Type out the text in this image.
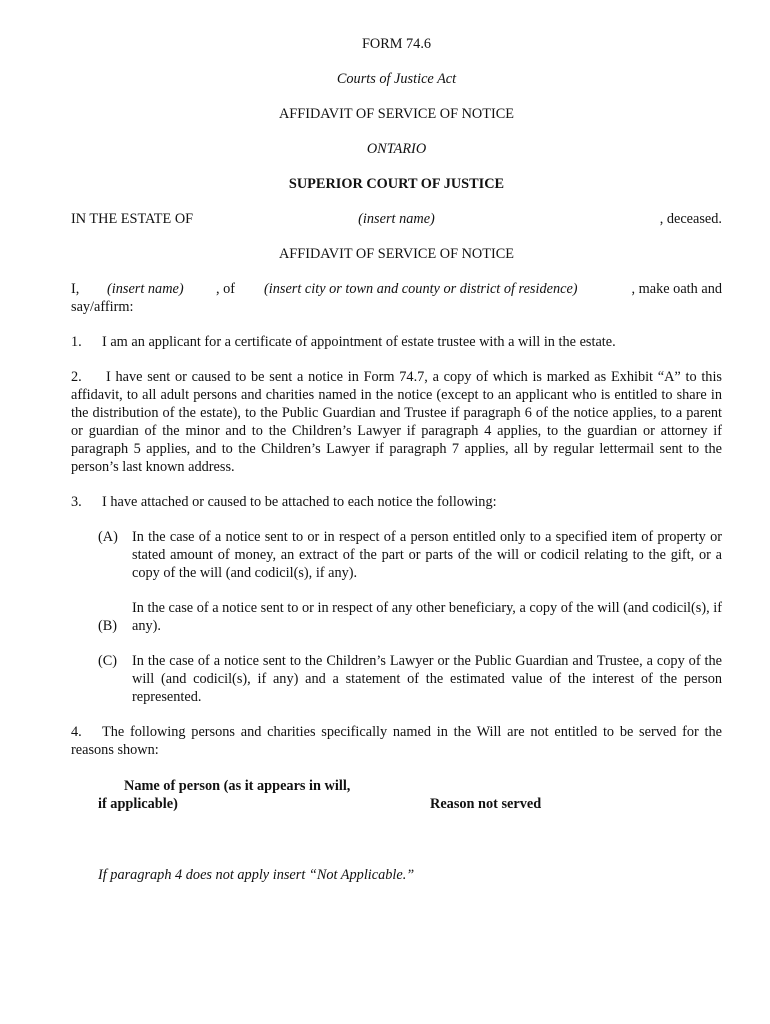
FORM 74.6
Courts of Justice Act
AFFIDAVIT OF SERVICE OF NOTICE
ONTARIO
SUPERIOR COURT OF JUSTICE
IN THE ESTATE OF	(insert name)	, deceased.
AFFIDAVIT OF SERVICE OF NOTICE
I, (insert name) , of (insert city or town and county or district of residence)	, make oath and
say/affirm:
1. I am an applicant for a certificate of appointment of estate trustee with a will in the estate.
2. I have sent or caused to be sent a notice in Form 74.7, a copy of which is marked as Exhibit “A” to this affidavit, to all adult persons and charities named in the notice (except to an applicant who is entitled to share in the distribution of the estate), to the Public Guardian and Trustee if paragraph 6 of the notice applies, to a parent or guardian of the minor and to the Children’s Lawyer if paragraph 4 applies, to the guardian or attorney if paragraph 5 applies, and to the Children’s Lawyer if paragraph 7 applies, all by regular lettermail sent to the person’s last known address.
3. I have attached or caused to be attached to each notice the following:
(A) In the case of a notice sent to or in respect of a person entitled only to a specified item of property or stated amount of money, an extract of the part or parts of the will or codicil relating to the gift, or a copy of the will (and codicil(s), if any).
(B)
In the case of a notice sent to or in respect of any other beneficiary, a copy of the will (and codicil(s), if any).
(C) In the case of a notice sent to the Children’s Lawyer or the Public Guardian and Trustee, a copy of the will (and codicil(s), if any) and a statement of the estimated value of the interest of the person represented.
4. The following persons and charities specifically named in the Will are not entitled to be served for the reasons shown:
Name of person (as it appears in will,
if applicable)	Reason not served
If paragraph 4 does not apply insert “Not Applicable.”
